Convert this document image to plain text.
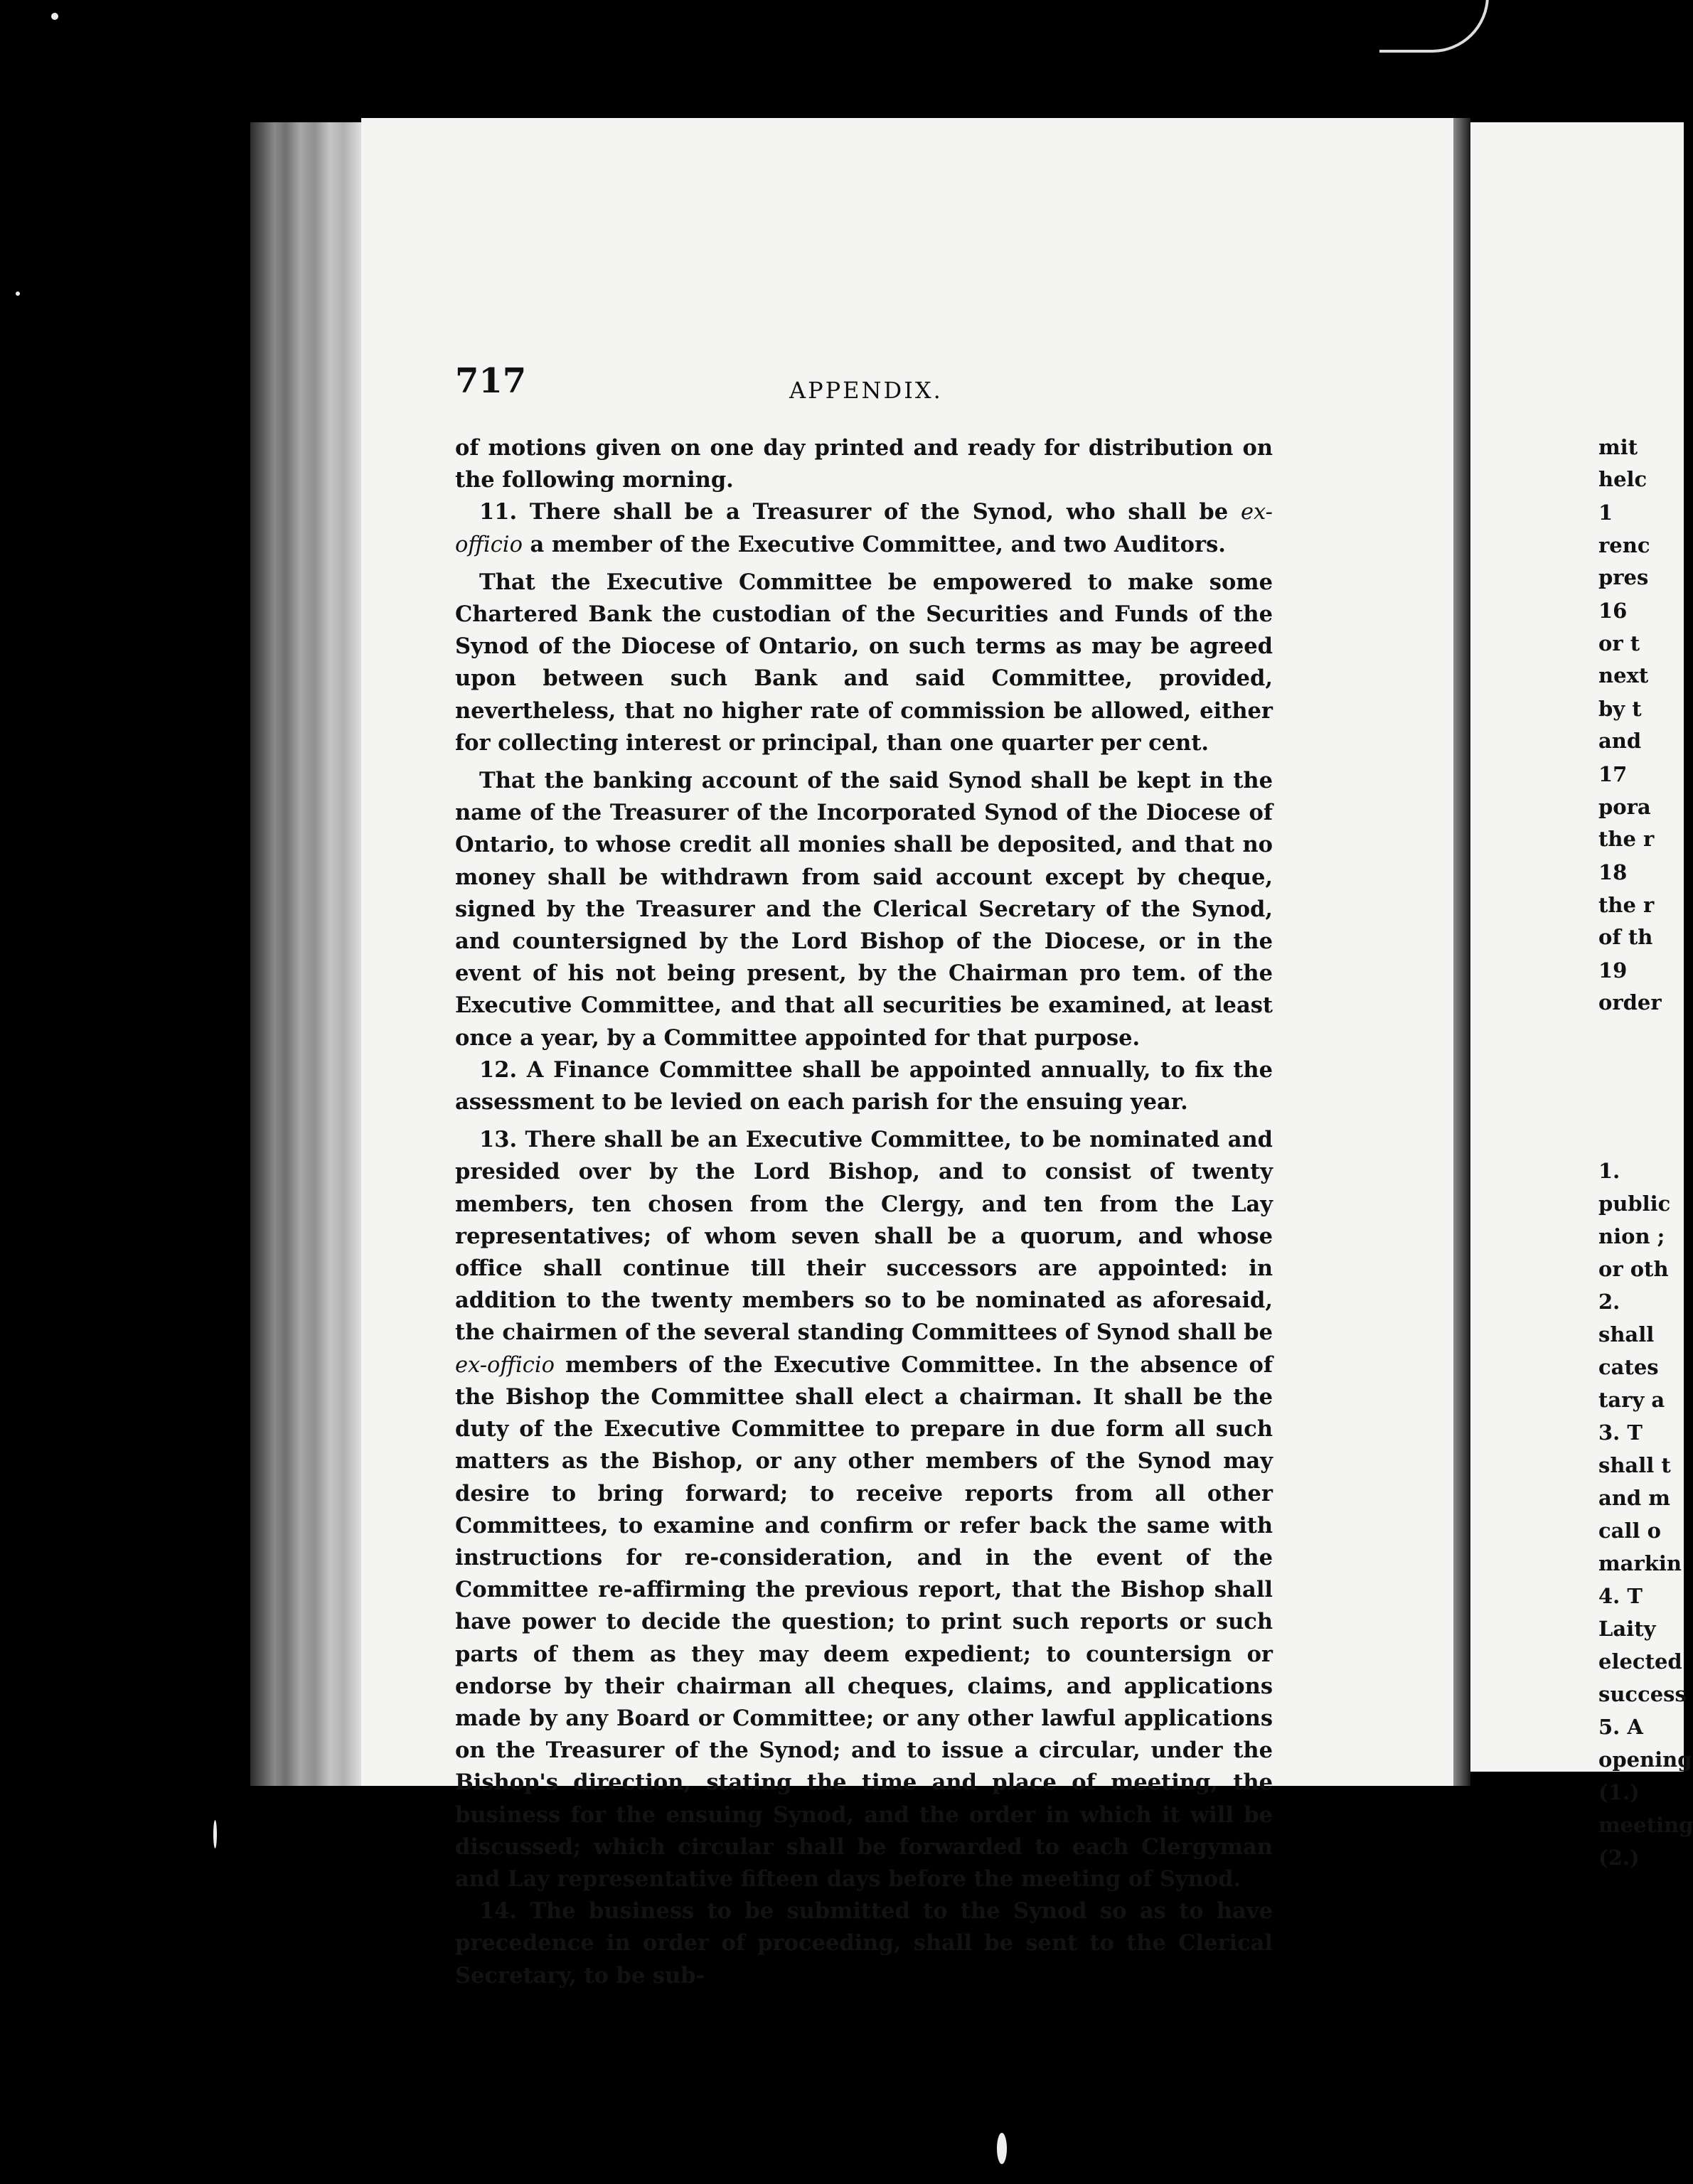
717	APPENDIX.

of motions given on one day printed and ready for distribution on the following morning.

11. There shall be a Treasurer of the Synod, who shall be ex-officio a member of the Executive Committee, and two Auditors.

That the Executive Committee be empowered to make some Chartered Bank the custodian of the Securities and Funds of the Synod of the Diocese of Ontario, on such terms as may be agreed upon between such Bank and said Committee, provided, nevertheless, that no higher rate of commission be allowed, either for collecting interest or principal, than one quarter per cent.

That the banking account of the said Synod shall be kept in the name of the Treasurer of the Incorporated Synod of the Diocese of Ontario, to whose credit all monies shall be deposited, and that no money shall be withdrawn from said account except by cheque, signed by the Treasurer and the Clerical Secretary of the Synod, and countersigned by the Lord Bishop of the Diocese, or in the event of his not being present, by the Chairman pro tem. of the Executive Committee, and that all securities be examined, at least once a year, by a Committee appointed for that purpose.

12. A Finance Committee shall be appointed annually, to fix the assessment to be levied on each parish for the ensuing year.

13. There shall be an Executive Committee, to be nominated and presided over by the Lord Bishop, and to consist of twenty members, ten chosen from the Clergy, and ten from the Lay representatives; of whom seven shall be a quorum, and whose office shall continue till their successors are appointed: in addition to the twenty members so to be nominated as aforesaid, the chairmen of the several standing Committees of Synod shall be ex-officio members of the Executive Committee. In the absence of the Bishop the Committee shall elect a chairman. It shall be the duty of the Executive Committee to prepare in due form all such matters as the Bishop, or any other members of the Synod may desire to bring forward; to receive reports from all other Committees, to examine and confirm or refer back the same with instructions for re-consideration, and in the event of the Committee re-affirming the previous report, that the Bishop shall have power to decide the question; to print such reports or such parts of them as they may deem expedient; to countersign or endorse by their chairman all cheques, claims, and applications made by any Board or Committee; or any other lawful applications on the Treasurer of the Synod; and to issue a circular, under the Bishop's direction, stating the time and place of meeting, the business for the ensuing Synod, and the order in which it will be discussed; which circular shall be forwarded to each Clergyman and Lay representative fifteen days before the meeting of Synod.

14. The business to be submitted to the Synod so as to have precedence in order of proceeding, shall be sent to the Clerical Secretary, to be sub-

mit
helc
1
renc
pres
16
or t
next
by t
and
17
pora
the r
18
the r
of th
19
order
1.
public
nion ;
or oth
2.
shall
cates
tary a
3. T
shall t
and m
call o
markin
4. T
Laity
elected
success
5. A
opening
(1.)
meeting
(2.)
